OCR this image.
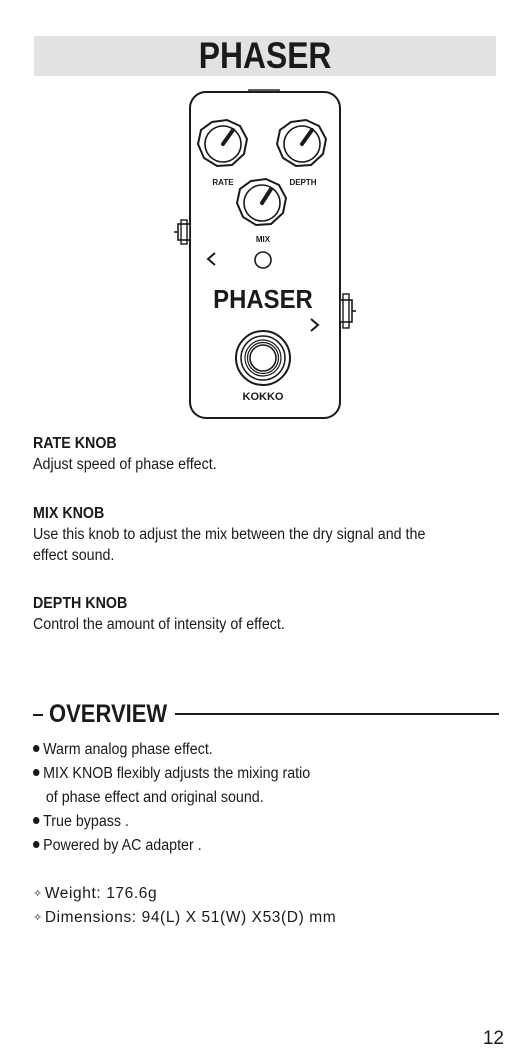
PHASER
RATE	DEPTH
MIX
PHASER
KOKKO
RATE KNOB
Adjust speed of phase effect.
MIX KNOB
Use this knob to adjust the mix between the dry signal and the
effect sound.
DEPTH KNOB
Control the amount of intensity of effect.
OVERVIEW
Warm analog phase effect.
MIX KNOB flexibly adjusts the mixing ratio
of phase effect and original sound.
True bypass .
Powered by AC adapter .
✧ Weight: 176.6g
✧ Dimensions: 94(L) X 51(W) X53(D) mm
12
